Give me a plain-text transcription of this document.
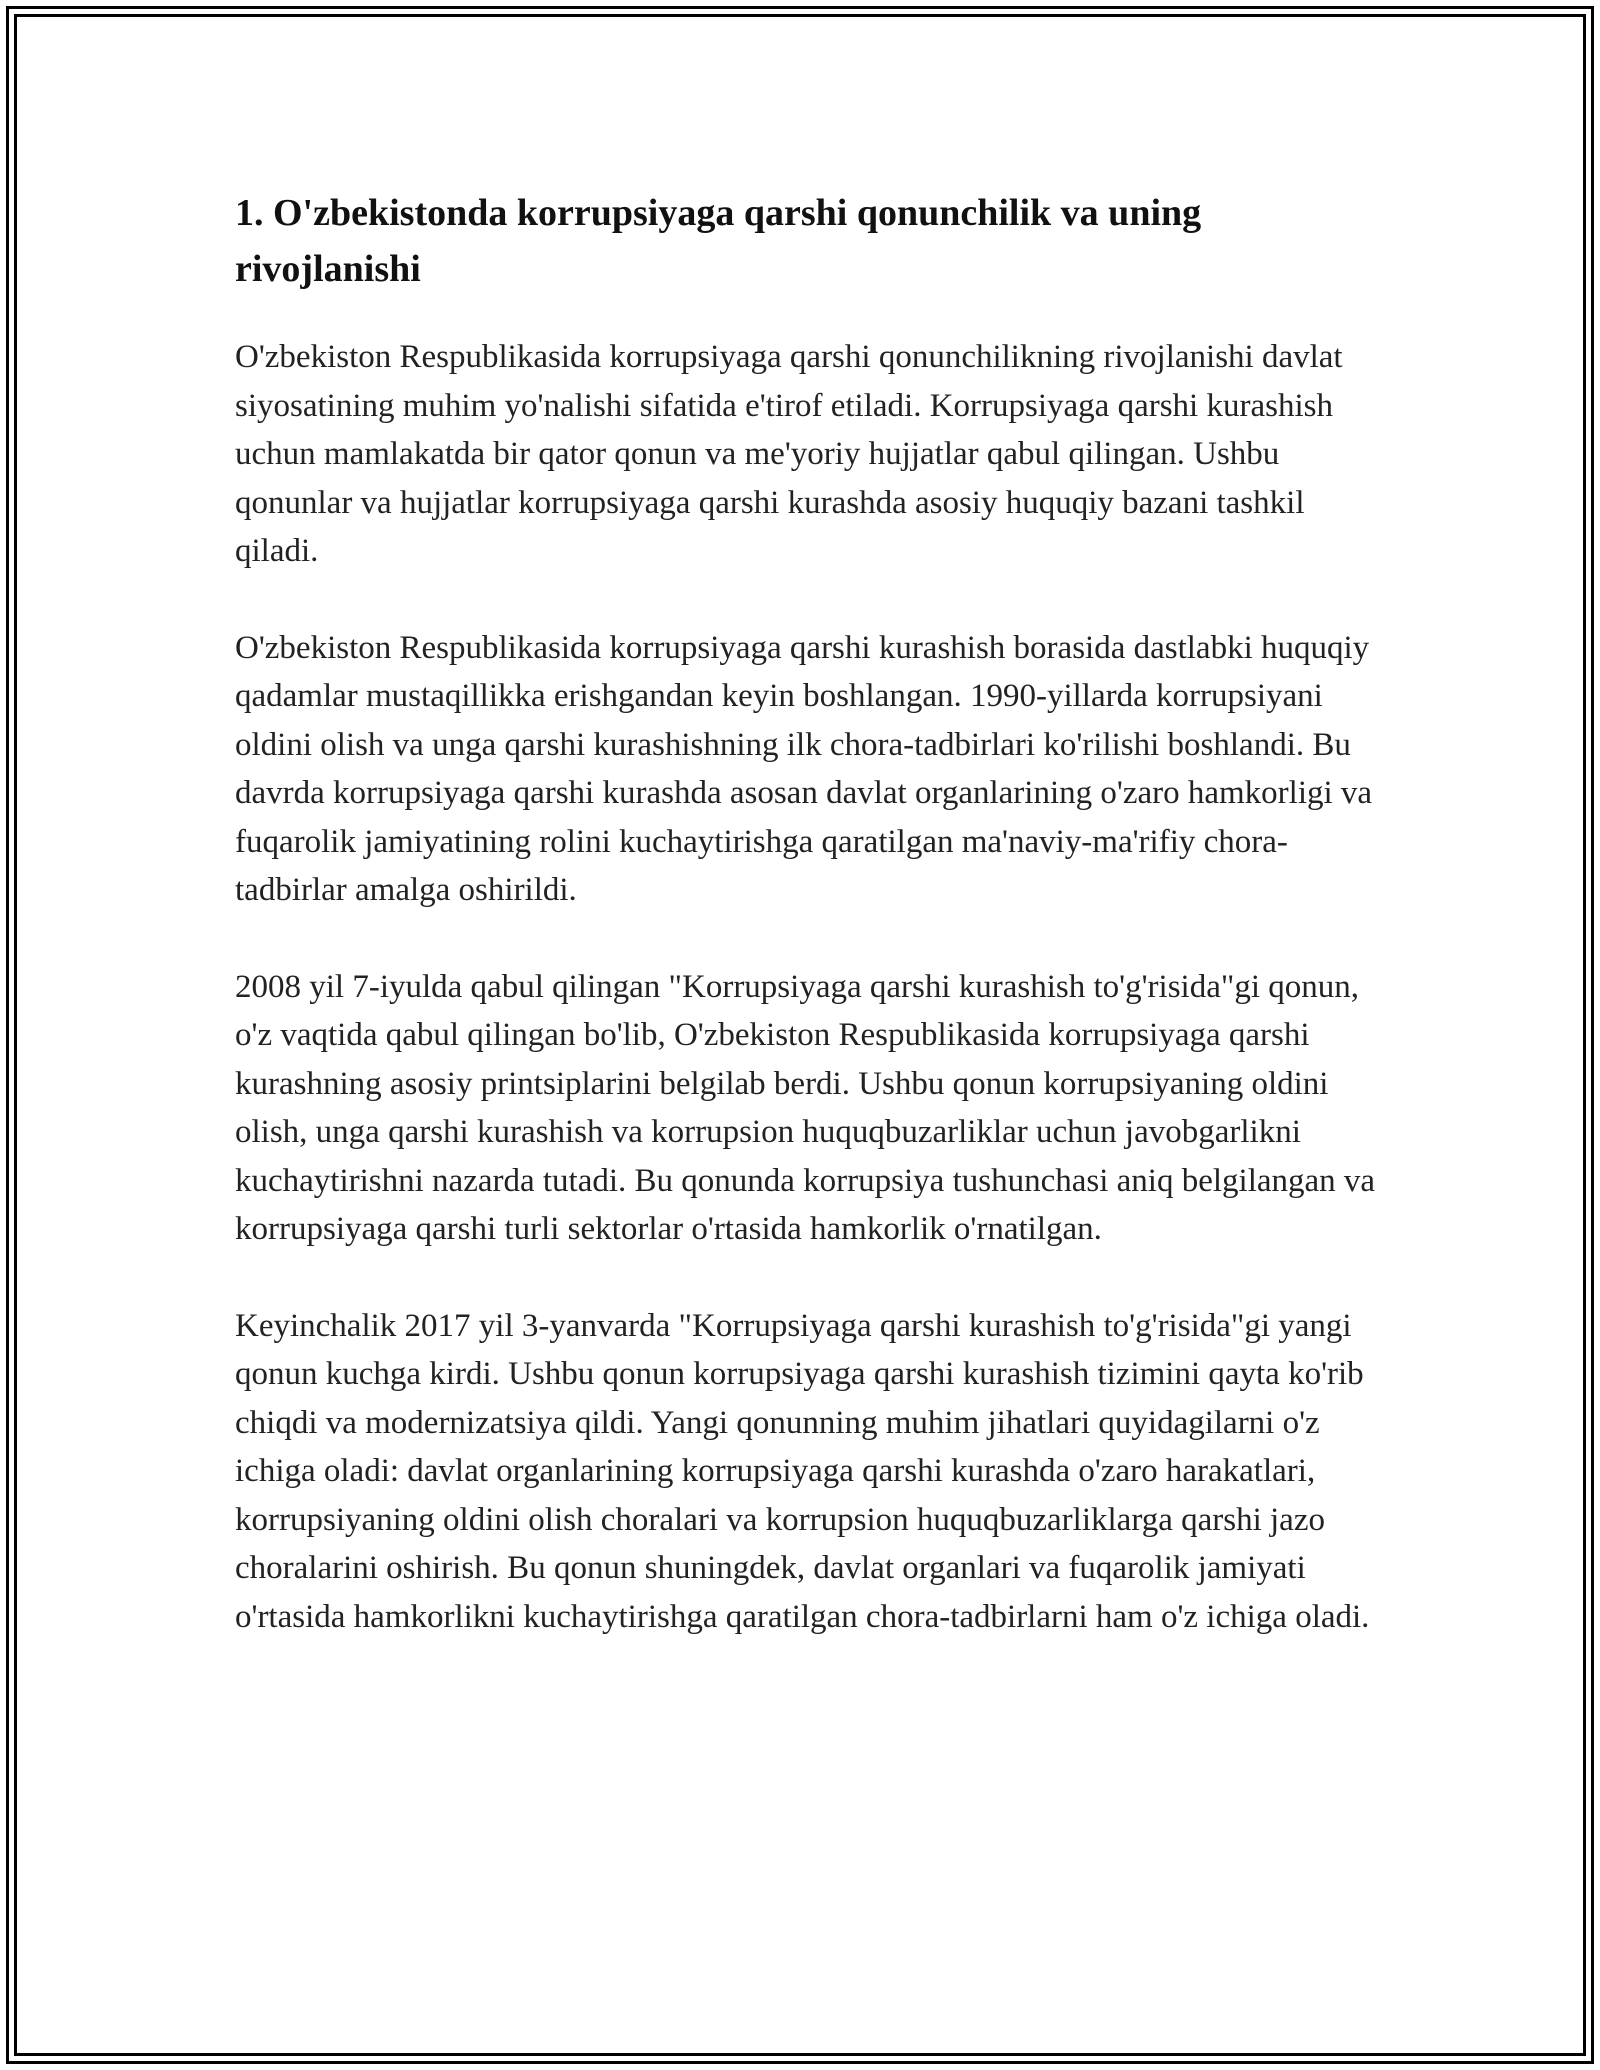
1. O'zbekistonda korrupsiyaga qarshi qonunchilik va uning rivojlanishi

O'zbekiston Respublikasida korrupsiyaga qarshi qonunchilikning rivojlanishi davlat siyosatining muhim yo'nalishi sifatida e'tirof etiladi. Korrupsiyaga qarshi kurashish uchun mamlakatda bir qator qonun va me'yoriy hujjatlar qabul qilingan. Ushbu qonunlar va hujjatlar korrupsiyaga qarshi kurashda asosiy huquqiy bazani tashkil qiladi.

O'zbekiston Respublikasida korrupsiyaga qarshi kurashish borasida dastlabki huquqiy qadamlar mustaqillikka erishgandan keyin boshlangan. 1990-yillarda korrupsiyani oldini olish va unga qarshi kurashishning ilk chora-tadbirlari ko'rilishi boshlandi. Bu davrda korrupsiyaga qarshi kurashda asosan davlat organlarining o'zaro hamkorligi va fuqarolik jamiyatining rolini kuchaytirishga qaratilgan ma'naviy-ma'rifiy chora-tadbirlar amalga oshirildi.

2008 yil 7-iyulda qabul qilingan "Korrupsiyaga qarshi kurashish to'g'risida"gi qonun, o'z vaqtida qabul qilingan bo'lib, O'zbekiston Respublikasida korrupsiyaga qarshi kurashning asosiy printsiplarini belgilab berdi. Ushbu qonun korrupsiyaning oldini olish, unga qarshi kurashish va korrupsion huquqbuzarliklar uchun javobgarlikni kuchaytirishni nazarda tutadi. Bu qonunda korrupsiya tushunchasi aniq belgilangan va korrupsiyaga qarshi turli sektorlar o'rtasida hamkorlik o'rnatilgan.

Keyinchalik 2017 yil 3-yanvarda "Korrupsiyaga qarshi kurashish to'g'risida"gi yangi qonun kuchga kirdi. Ushbu qonun korrupsiyaga qarshi kurashish tizimini qayta ko'rib chiqdi va modernizatsiya qildi. Yangi qonunning muhim jihatlari quyidagilarni o'z ichiga oladi: davlat organlarining korrupsiyaga qarshi kurashda o'zaro harakatlari, korrupsiyaning oldini olish choralari va korrupsion huquqbuzarliklarga qarshi jazo choralarini oshirish. Bu qonun shuningdek, davlat organlari va fuqarolik jamiyati o'rtasida hamkorlikni kuchaytirishga qaratilgan chora-tadbirlarni ham o'z ichiga oladi.
